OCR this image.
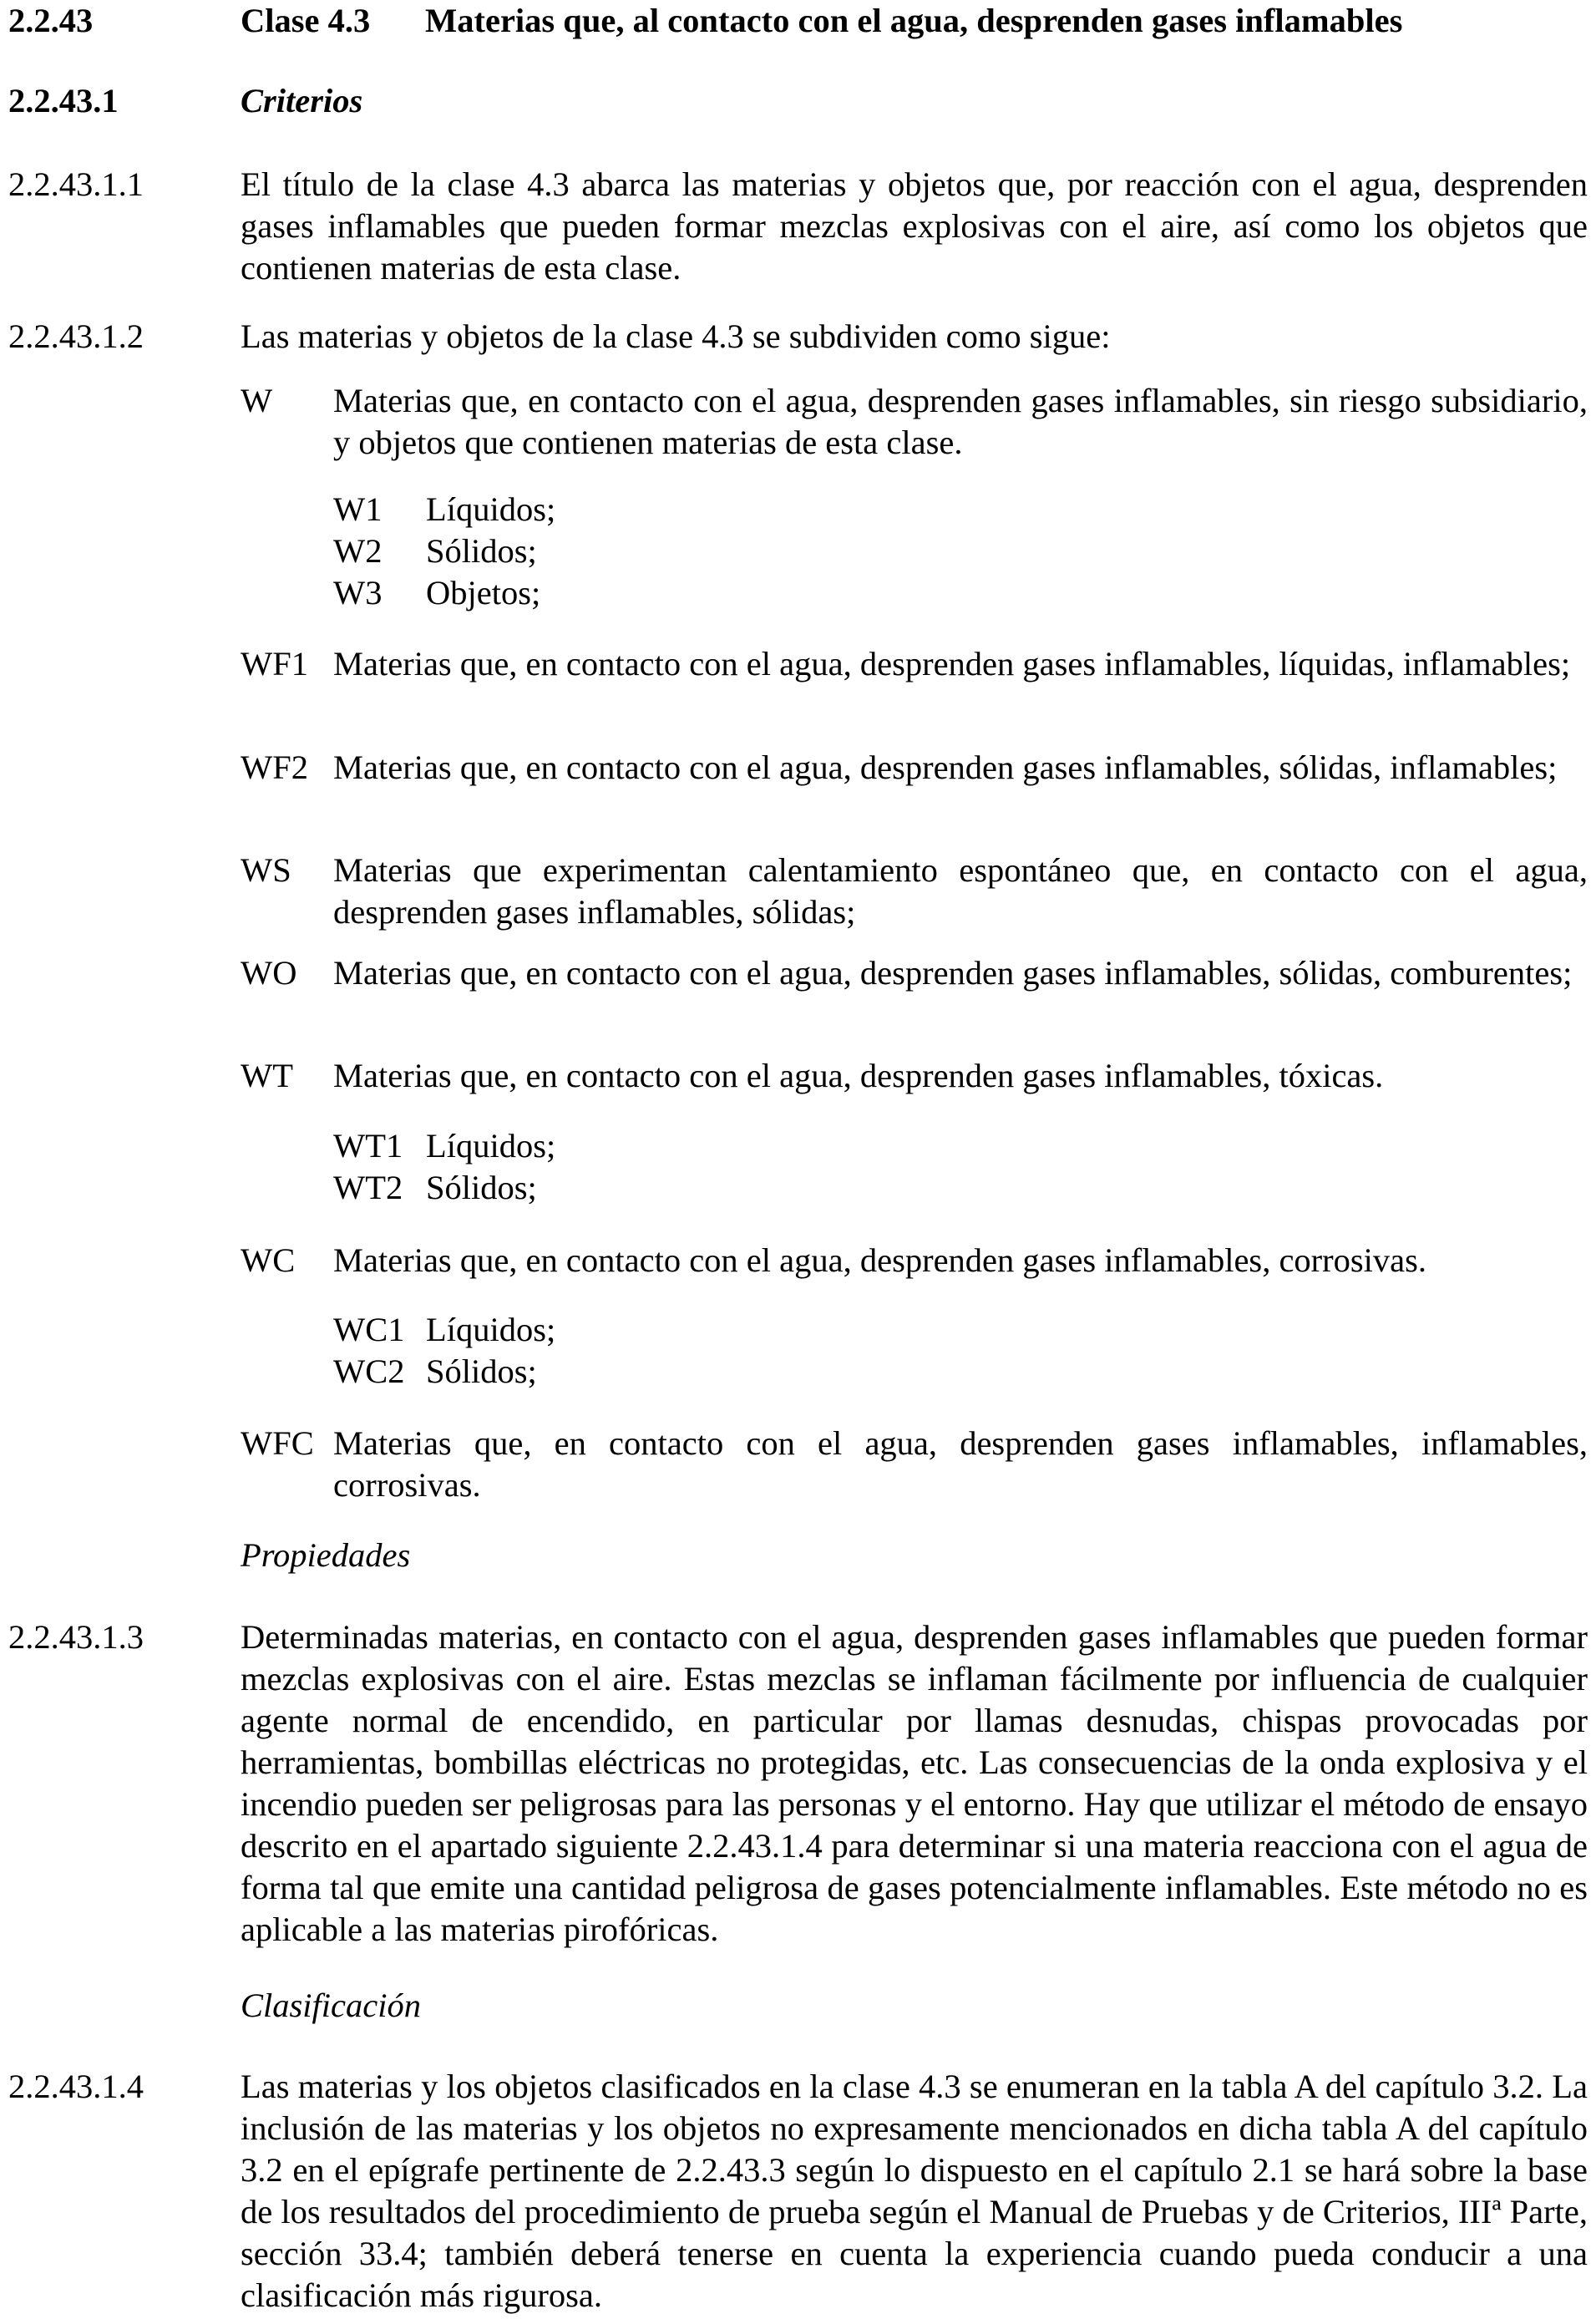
2.2.43	Clase 4.3 Materias que, al contacto con el agua, desprenden gases inflamables
2.2.43.1	Criterios
2.2.43.1.1	El título de la clase 4.3 abarca las materias y objetos que, por reacción con el agua, desprenden gases inflamables que pueden formar mezclas explosivas con el aire, así como los objetos que contienen materias de esta clase.
2.2.43.1.2	Las materias y objetos de la clase 4.3 se subdividen como sigue:
W Materias que, en contacto con el agua, desprenden gases inflamables, sin riesgo subsidiario, y objetos que contienen materias de esta clase.
W1 Líquidos;
W2 Sólidos;
W3 Objetos;
WF1 Materias que, en contacto con el agua, desprenden gases inflamables, líquidas, inflamables;
WF2 Materias que, en contacto con el agua, desprenden gases inflamables, sólidas, inflamables;
WS Materias que experimentan calentamiento espontáneo que, en contacto con el agua, desprenden gases inflamables, sólidas;
WO Materias que, en contacto con el agua, desprenden gases inflamables, sólidas, comburentes;
WT Materias que, en contacto con el agua, desprenden gases inflamables, tóxicas.
WT1 Líquidos;
WT2 Sólidos;
WC Materias que, en contacto con el agua, desprenden gases inflamables, corrosivas.
WC1 Líquidos;
WC2 Sólidos;
WFC Materias que, en contacto con el agua, desprenden gases inflamables, inflamables, corrosivas.
Propiedades
2.2.43.1.3	Determinadas materias, en contacto con el agua, desprenden gases inflamables que pueden formar mezclas explosivas con el aire. Estas mezclas se inflaman fácilmente por influencia de cualquier agente normal de encendido, en particular por llamas desnudas, chispas provocadas por herramientas, bombillas eléctricas no protegidas, etc. Las consecuencias de la onda explosiva y el incendio pueden ser peligrosas para las personas y el entorno. Hay que utilizar el método de ensayo descrito en el apartado siguiente 2.2.43.1.4 para determinar si una materia reacciona con el agua de forma tal que emite una cantidad peligrosa de gases potencialmente inflamables. Este método no es aplicable a las materias pirofóricas.
Clasificación
2.2.43.1.4	Las materias y los objetos clasificados en la clase 4.3 se enumeran en la tabla A del capítulo 3.2. La inclusión de las materias y los objetos no expresamente mencionados en dicha tabla A del capítulo 3.2 en el epígrafe pertinente de 2.2.43.3 según lo dispuesto en el capítulo 2.1 se hará sobre la base de los resultados del procedimiento de prueba según el Manual de Pruebas y de Criterios, IIIª Parte, sección 33.4; también deberá tenerse en cuenta la experiencia cuando pueda conducir a una clasificación más rigurosa.
